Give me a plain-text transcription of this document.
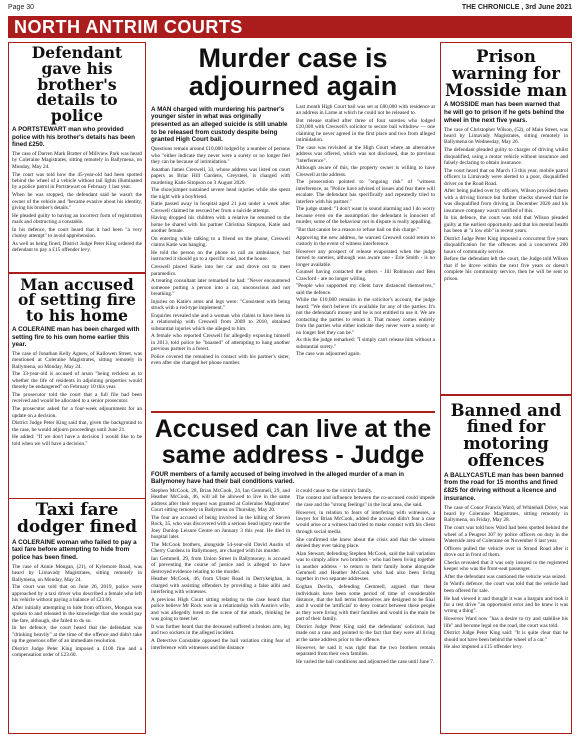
Page 30	THE CHRONICLE , 3rd June 2021
NORTH ANTRIM COURTS
Defendant gave his brother's details to police
A PORTSTEWART man who provided police with his brother's details has been fined £250.

The case of Darren Mark Bratter of Millview Park was heard by Coleraine Magistrates, sitting remotely in Ballymena, on Monday, May 24.

The court was told how the 45-year-old had been spotted behind the wheel of a vehicle without tail lights illuminated by a police patrol in Portstewart on February 1 last year.

When he was stopped, the defendant said he wasn't the owner of the vehicle and "became evasive about his identity, giving his brother's details."

He pleaded guilty to having an incorrect form of registration mark and obstructing a constable.

In his defence, the court heard that it had been "a very clumsy attempt" to avoid apprehension.

As well as being fined, District Judge Peter King ordered the defendant to pay a £15 offender levy.

Man accused of setting fire to his home
A COLERAINE man has been charged with setting fire to his own home earlier this year.

The case of Jonathan Kelly Agnew, of Kallowen Street, was mentioned at Coleraine Magistrates, sitting remotely in Ballymena, on Monday, May 24.

The 33-year-old is accused of arson "being reckless as to whether the life of residents in adjoining properties would thereby be endangered" on February 10 this year.

The prosecutor told the court that a full file had been received and would be allocated to a senior prosecutor.

The prosecutor asked for a four-week adjournment for an update on a decision.

District Judge Peter King said that, given the background to the case, he would adjourn proceedings until June 21.

He added: "If we don't have a decision I would like to be told when we will have a decision."

Taxi fare dodger fined
A COLERAINE woman who failed to pay a taxi fare before attempting to hide from police has been fined.

The case of Annie Mongan, (21), of Kylemore Road, was heard by Limavady Magistrates, sitting remotely in Ballymena, on Monday, May 24.

The court was told that on June 26, 2019, police were approached by a taxi driver who described a female who left his vehicle without paying a balance of £23.60.

After initially attempting to hide from officers, Mongan was spoken to and released in the knowledge that she would pay the fare, although, she failed to do so.

In her defence, the court heard that the defendant was "drinking heavily" at the time of the offence and didn't take up the generous offer of an immediate resolution.

District Judge Peter King imposed a £100 fine and a compensation order of £23.60.

Murder case is adjourned again
A MAN charged with murdering his partner's younger sister in what was originally presented as an alleged suicide is still unable to be released from custody despite being granted High Court bail.

Questions remain around £10,000 lodged by a number of persons who "either indicate they never were a surety or no longer feel they can be because of intimidation."

Jonathan James Creswell, 33, whose address was listed on court papers as Briar Hill Gardens, Greysteel, is charged with murdering Katie Simpson on 3 August 2020.

The showjumper sustained severe head injuries while she spent the night with a boyfriend.

Katie passed away in hospital aged 21 just under a week after Creswell claimed he rescued her from a suicide attempt.

Having dropped his children with a relative he returned to the home he shared with his partner Christina Simpson, Katie and another female.

On entering while talking to a friend on the phone, Creswell claims Katie was hanging.

He told the person on the phone to call an ambulance, but instructed it should go to a specific road, not the house.

Creswell placed Katie into her car and drove out to meet paramedics.

A treating consultant later remarked he had: "Never encountered someone putting a person into a car, unconscious and not breathing."

Injuries on Katie's arms and legs were: "Consistent with being struck with a rod-type implement."

Enquiries revealed she and a woman who claims to have been in a relationship with Creswell from 2009 to 2010, obtained substantial injuries which she alleged to him.

A female who reported Creswell for allegedly exposing himself in 2013, told police he "boasted" of attempting to hang another previous partner in a forest.

Police covered the remained in contact with his partner's sister, even after she changed her phone number.

Last month High Court bail was set at £80,000 with residence at an address in Larne at which he could not be released to.

But release stalled after three of four sureties who lodged £10,000 with Creswell's solicitor to secure bail withdrew — one claiming he never agreed in the first place and two from alleged intimidation.

The case was revisited at the High Court where an alternative address was offered, which was not disclosed, due to previous "interference".

Although aware of this, the property owner is willing to have Creswell at the address.

The prosecution pointed to "ongoing risk" of "witness interference, as "Police have advised of issues and fear there will escalate. The defendant has specifically and repeatedly tried to interfere with his partner."

The judge stated: "I don't want to sound alarming and I do worry because even on the assumption the defendant is innocent of murder, some of the behaviour not in dispute is really appalling.

"But that cannot be a reason to refuse bail on this charge."

Approving the new address, he warned Creswell could return to custody in the event of witness interference.

However any prospect of release evaporated when the judge turned to sureties, although was aware one - Erie Smith - is no longer available.

Counsel having contacted the others - Jill Robinson and Ben Crawford - are no longer willing.

"People who supported my client have distanced themselves," said the defence.

While the £10,000 remains in the solicitor's account, the judge heard: "We don't believe it's available for any of the parties. It's not the defendant's money and he is not entitled to use it. We are contacting the parties to return it. That money comes entirely from the parties who either indicate they never were a surety or no longer feel they can be."

As this the judge remarked: "I simply can't release him without a substantial surety."

The case was adjourned again.

Accused can live at the same address - Judge
FOUR members of a family accused of being involved in the alleged murder of a man in Ballymoney have had their bail conditions varied.

Stephen McCook, 28, Brian McCook, 24, Ian Gemmell, 29, and Heather McCook, 46, will all be allowed to live in the same address after their request was granted at Coleraine Magistrates' Court sitting remotely in Ballymena on Thursday, May 20.

The four are accused of being involved in the killing of Steven Rock, 35, who was discovered with a serious head injury near the Joey Dunlop Leisure Centre on January 3 this year. He died in hospital later.

The McCook brothers, alongside 54-year-old David Austin of Cherry Gardens in Ballymoney, are charged with his murder.

Ian Gemmell, 29, from Union Street in Ballymoney, is accused of preventing the course of justice and is alleged to have destroyed evidence relating to the murder.

Heather McCook, 46, from Ulster Road in Derrykeighan, is charged with assisting offenders by providing a false alibi and interfering with witnesses.

A previous High Court sitting relating to the case heard that police believe Mr Rock was in a relationship with Austin's wife, and was allegedly lured to the scene of the attack, thinking he was going to meet her.

It was further heard that the deceased suffered a broken arm, leg and two sockets in the alleged incident.

A Detective Constable opposed the bail variation citing fear of interference with witnesses and the distance

it could cause to the victim's family.

The context and influence between the co-accused could impede the case and the "strong feelings" in the local area, she said.

However, in relation to fears of interfering with witnesses, a lawyer for Brian McCook, added the accused didn't fear a case would arise or a witness had tried to make contact with his client through social media.

She confirmed she knew about the crisis and that the witness denied they ever taking place.

Alan Stewart, defending Stephen McCook, said the bail variation was to simply allow two brothers - who had been living together in another address - to return to their family home alongside Gemmell and Heather McCook who had also been living together in two separate addresses.

Eoghan Devlin, defending Gemmell, argued that these individuals have been some period of time of considerable distance, that the bail terms themselves are designed to be final and it would be 'artificial' to deny contact between these people as they were living with their families and would in the main be part of their family.

District Judge Peter King said the defendants' solicitors had made out a case and pointed to the fact that they were all living at the same address prior to the offence.

However, he said it was right that the two brothers remain separated from their own families.

He varied the bail conditions and adjourned the case until June 7.

Prison warning for Mosside man
A MOSSIDE man has been warned that he will go to prison if he gets behind the wheel in the next five years.

The case of Christopher Wilson, (52), of Main Street, was heard by Limavady Magistrates, sitting remotely in Ballymena on Wednesday, May 26.

The defendant pleaded guilty to charges of driving whilst disqualified, using a motor vehicle without insurance and falsely declaring to obtain insurance.

The court heard that on March 13 this year, mobile patrol officers in Limavady were alerted to a poor, disqualified driver on the Road Road.

After being pulled over by officers, Wilson provided them with a driving licence but further checks showed that he was disqualified from driving in December 2020 and his insurance company wasn't notified of this.

In his defence, the court was told that Wilson pleaded guilty at the earliest opportunity and that his mental health has been at "a low ebb" in recent years.

District Judge Peter King imposed a concurrent five years disqualification for the offences and a concurrent 200 hours of community service.

Before the defendant left the court, the Judge told Wilson that if he drove within the next five years or doesn't complete his community service, then he will be sent to prison.

Banned and fined for motoring offences
A BALLYCASTLE man has been banned from the road for 15 months and fined £825 for driving without a licence and insurance.

The case of Conor Francis Ward, of Whitehall Drive, was heard by Coleraine Magistrates, sitting remotely in Ballymena, on Friday, May 28.

The court was told how Ward had been spotted behind the wheel of a Peugeot 307 by police officers on duty in the Waterside area of Coleraine on November 6 last year.

Officers pulled the vehicle over in Strand Road after it drove out in front of them.

Checks revealed that it was only insured to the registered keeper who was the front-seat passenger.

After the defendant was cautioned the vehicle was seized.

In Ward's defence, the court was told that the vehicle had been offered for sale.

He had viewed it and thought it was a bargain and took it for a test drive "an opportunist error and he knew it was wrong a thing".

However Ward now "has a desire to try and stabilise his life" and become legal on the road, the court was told.

District Judge Peter King said: "It is quite clear that he should not have been behind the wheel of a car."

He also imposed a £15 offender levy.
